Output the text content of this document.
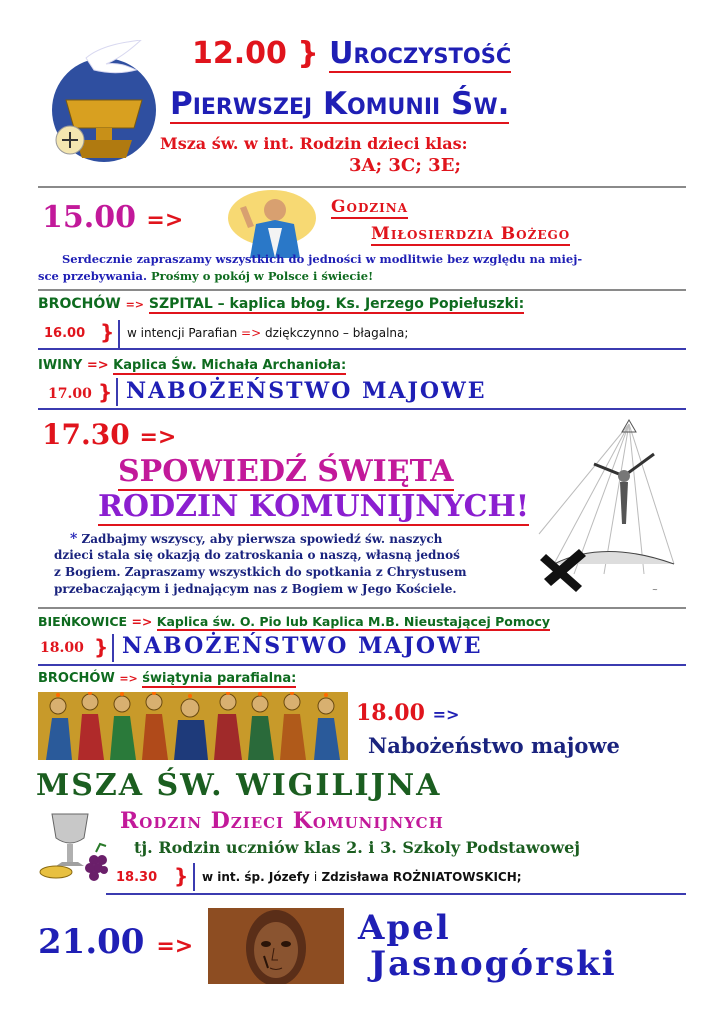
12.00 } Uroczystość
Pierwszej Komunii Św.
Msza św. w int. Rodzin dzieci klas:
3A; 3C; 3E;
15.00 =>
Godzina
Miłosierdzia Bożego
Serdecznie zapraszamy wszystkich do jedności w modlitwie bez względu na miej-
sce przebywania. Prośmy o pokój w Polsce i świecie!
BROCHÓW => SZPITAL – kaplica błog. Ks. Jerzego Popiełuszki:
16.00 } w intencji Parafian => dziękczynno – błagalna;
IWINY => Kaplica Św. Michała Archanioła:
17.00 } NABOŻEŃSTWO MAJOWE
17.30 =>
SPOWIEDŹ ŚWIĘTA
RODZIN KOMUNIJNYCH!
~
* Zadbajmy wszyscy, aby pierwsza spowiedź św. naszych
dzieci stala się okazją do zatroskania o naszą, własną jednoś
z Bogiem. Zapraszamy wszystkich do spotkania z Chrystusem
przebaczającym i jednającym nas z Bogiem w Jego Kościele.
BIEŃKOWICE => Kaplica św. O. Pio lub Kaplica M.B. Nieustającej Pomocy
18.00 } NABOŻEŃSTWO MAJOWE
BROCHÓW => świątynia parafialna:
18.00 =>
Nabożeństwo majowe
MSZA ŚW. WIGILIJNA
Rodzin Dzieci Komunijnych
tj. Rodzin uczniów klas 2. i 3. Szkoly Podstawowej
18.30 } w int. śp. Józefy i Zdzisława ROŻNIATOWSKICH;
21.00 =>	Apel
Jasnogórski
